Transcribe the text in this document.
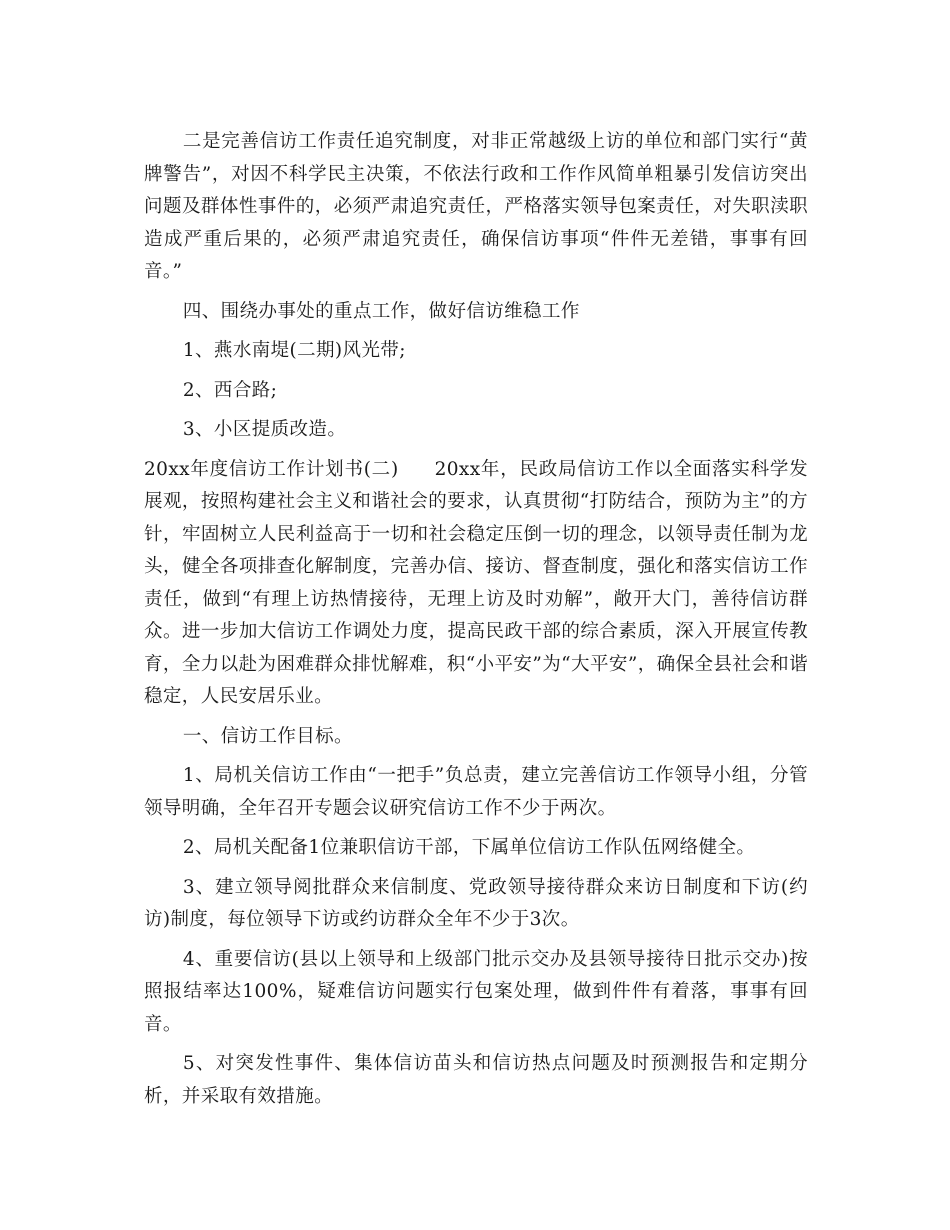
二是完善信访工作责任追究制度，对非正常越级上访的单位和部门实行“黄牌警告”，对因不科学民主决策，不依法行政和工作作风简单粗暴引发信访突出问题及群体性事件的，必须严肃追究责任，严格落实领导包案责任，对失职渎职造成严重后果的，必须严肃追究责任，确保信访事项“件件无差错，事事有回音。”

四、围绕办事处的重点工作，做好信访维稳工作

1、燕水南堤(二期)风光带;

2、西合路;

3、小区提质改造。

20xx年度信访工作计划书(二) 20xx年，民政局信访工作以全面落实科学发展观，按照构建社会主义和谐社会的要求，认真贯彻“打防结合，预防为主”的方针，牢固树立人民利益高于一切和社会稳定压倒一切的理念，以领导责任制为龙头，健全各项排查化解制度，完善办信、接访、督查制度，强化和落实信访工作责任，做到“有理上访热情接待，无理上访及时劝解”，敞开大门，善待信访群众。进一步加大信访工作调处力度，提高民政干部的综合素质，深入开展宣传教育，全力以赴为困难群众排忧解难，积“小平安”为“大平安”，确保全县社会和谐稳定，人民安居乐业。

一、信访工作目标。

1、局机关信访工作由“一把手”负总责，建立完善信访工作领导小组，分管领导明确，全年召开专题会议研究信访工作不少于两次。

2、局机关配备1位兼职信访干部，下属单位信访工作队伍网络健全。

3、建立领导阅批群众来信制度、党政领导接待群众来访日制度和下访(约访)制度，每位领导下访或约访群众全年不少于3次。

4、重要信访(县以上领导和上级部门批示交办及县领导接待日批示交办)按照报结率达100%，疑难信访问题实行包案处理，做到件件有着落，事事有回音。

5、对突发性事件、集体信访苗头和信访热点问题及时预测报告和定期分析，并采取有效措施。
